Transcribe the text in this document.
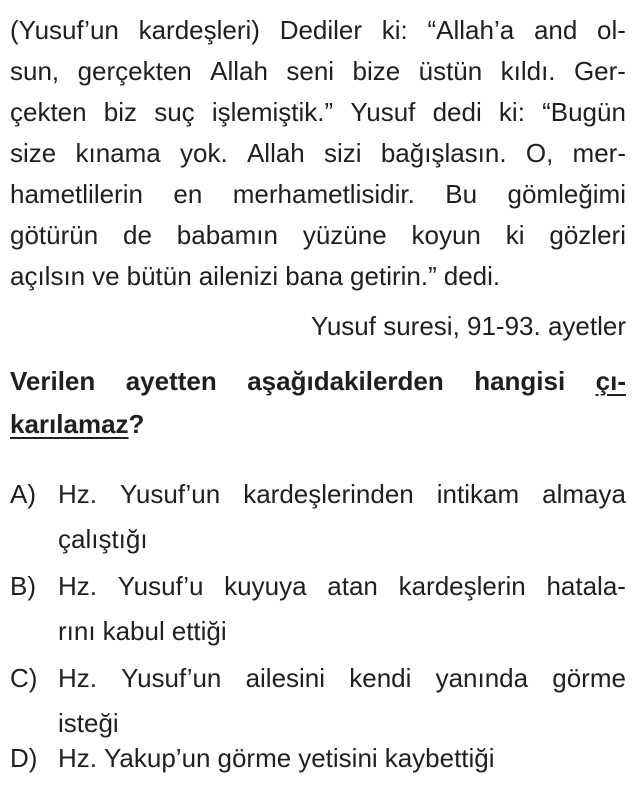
(Yusuf’un kardeşleri) Dediler ki: “Allah’a and ol-
sun, gerçekten Allah seni bize üstün kıldı. Ger-
çekten biz suç işlemiştik.” Yusuf dedi ki: “Bugün
size kınama yok. Allah sizi bağışlasın. O, mer-
hametlilerin en merhametlisidir. Bu gömleğimi
götürün de babamın yüzüne koyun ki gözleri
açılsın ve bütün ailenizi bana getirin.” dedi.
Yusuf suresi, 91-93. ayetler
Verilen ayetten aşağıdakilerden hangisi çı-
karılamaz ?
A) Hz. Yusuf’un kardeşlerinden intikam almaya
çalıştığı
B) Hz. Yusuf’u kuyuya atan kardeşlerin hatala-
rını kabul ettiği
C) Hz. Yusuf’un ailesini kendi yanında görme
isteği
D) Hz. Yakup’un görme yetisini kaybettiği
